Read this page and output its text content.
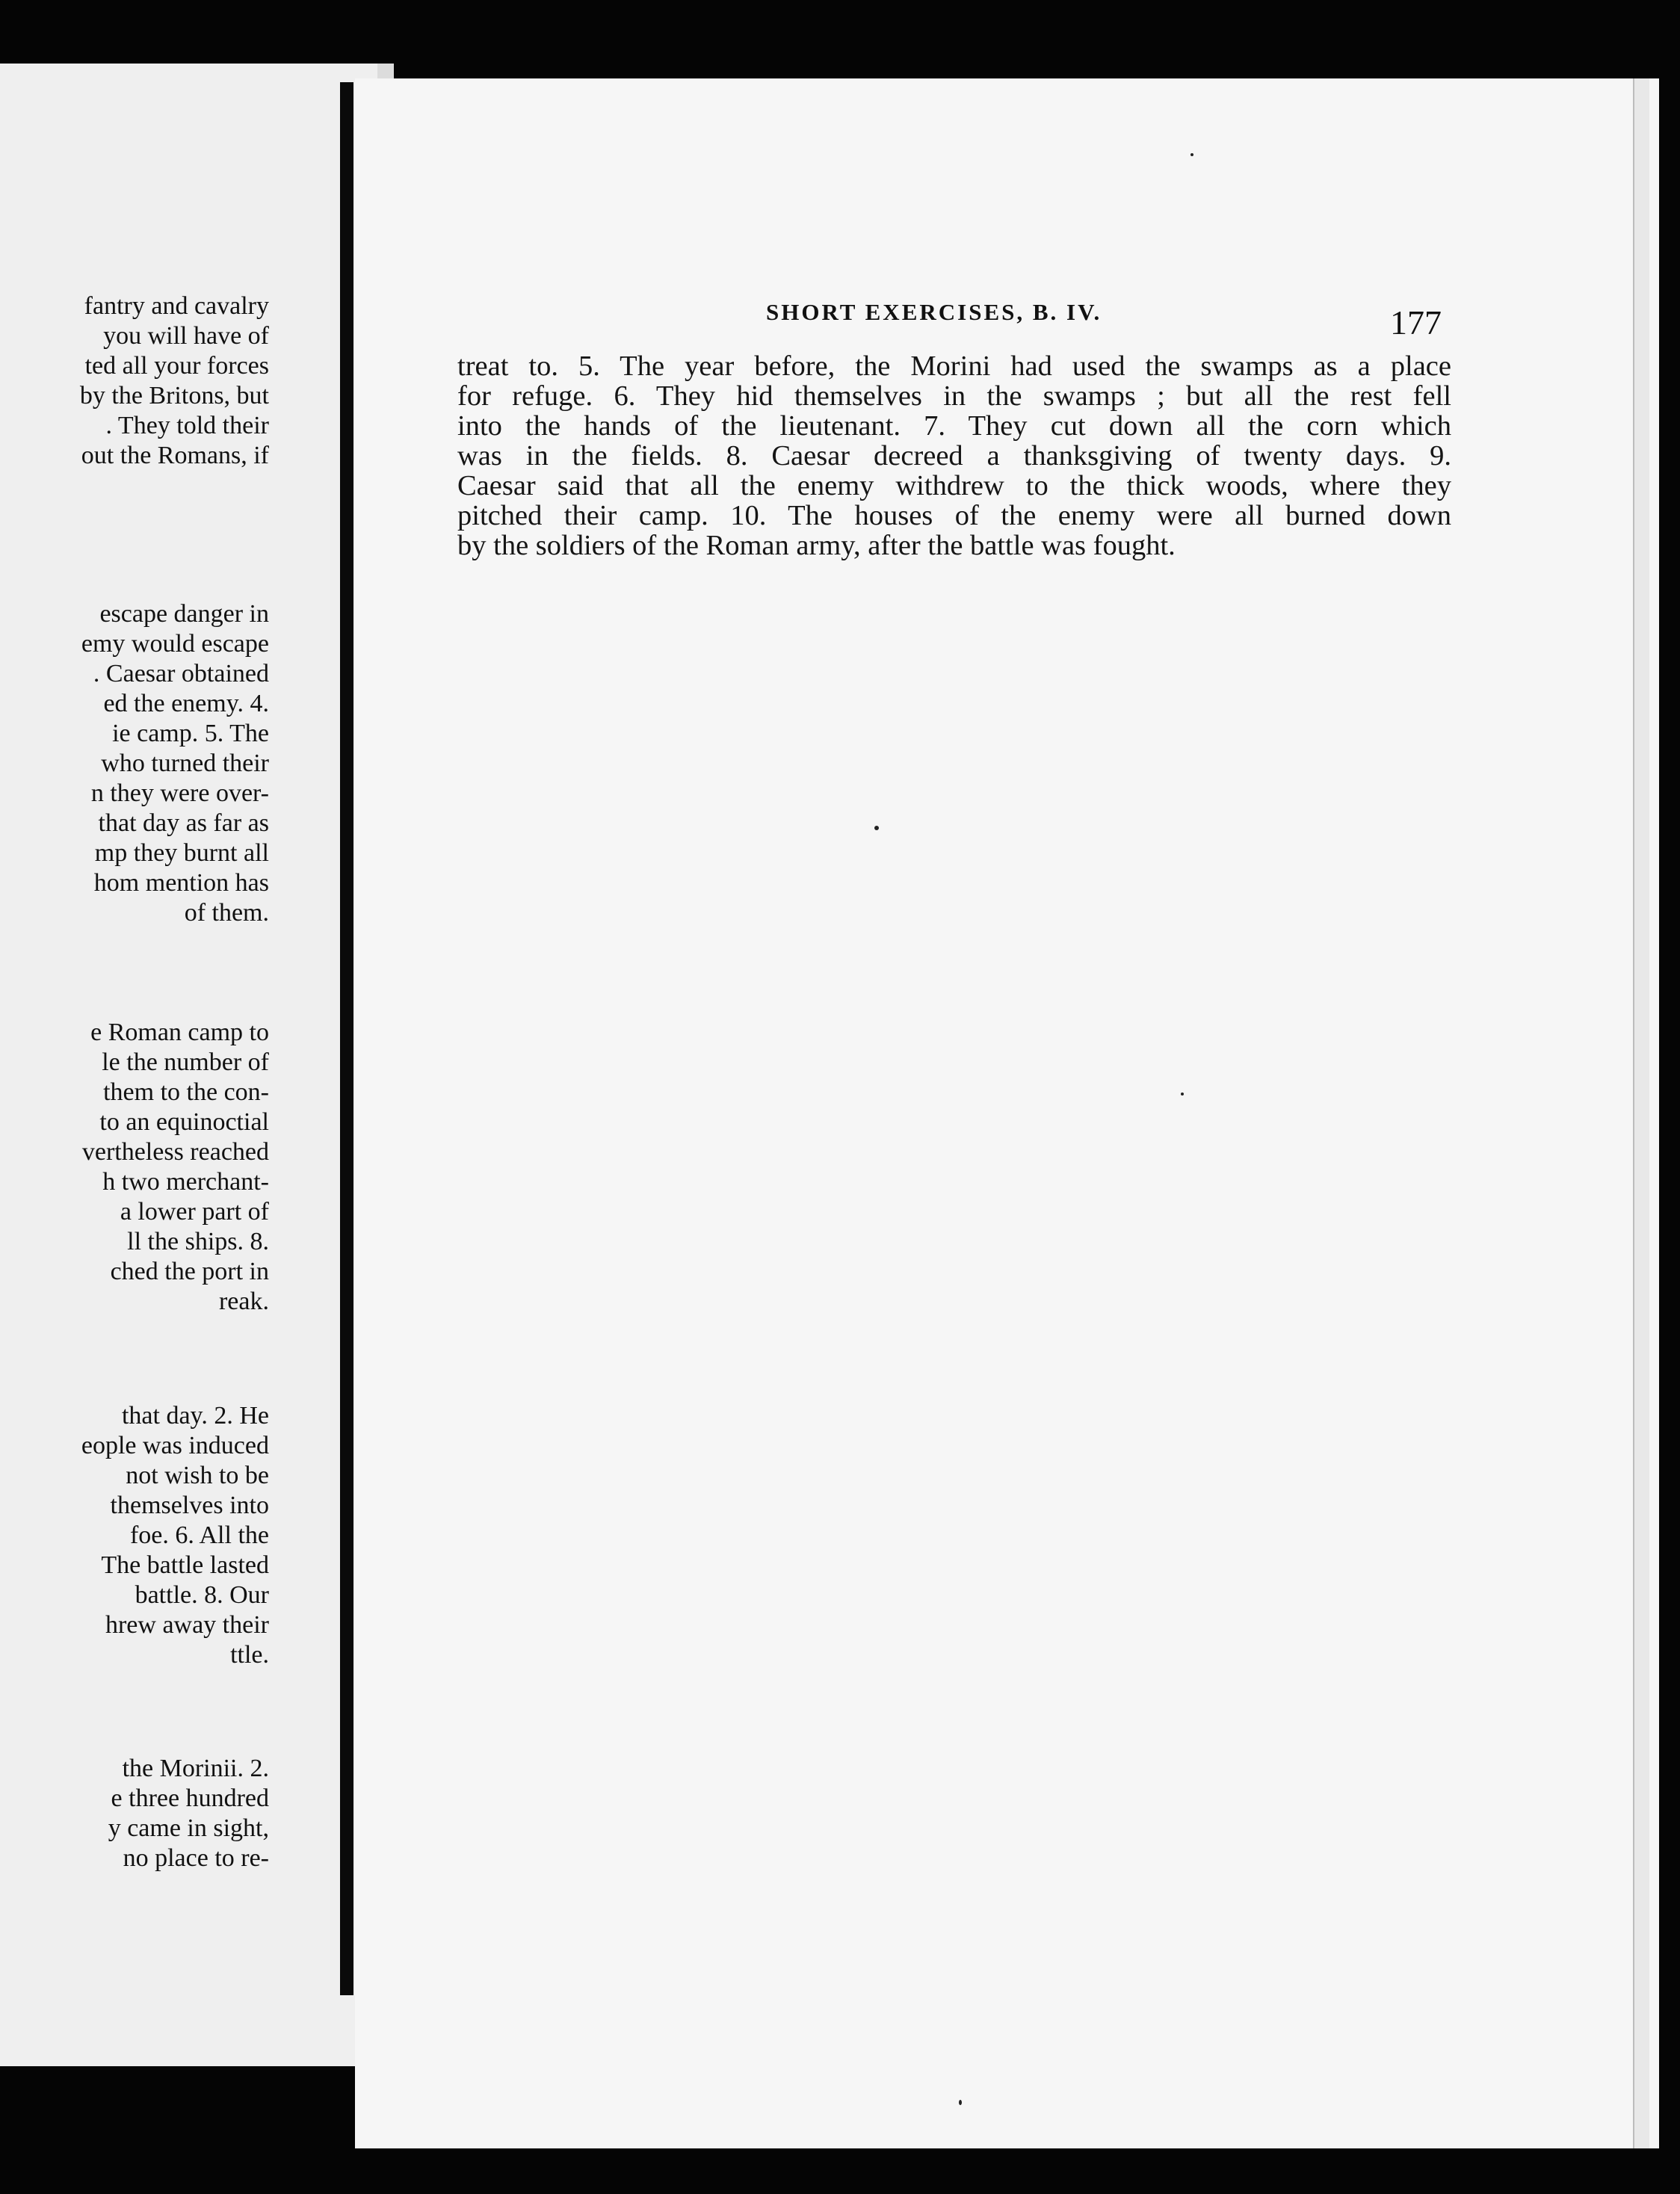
fantry and cavalry
you will have of
ted all your forces
by the Britons, but
. They told their
out the Romans, if
escape danger in
emy would escape
. Caesar obtained
ed the enemy. 4.
ie camp. 5. The
who turned their
n they were over-
that day as far as
mp they burnt all
hom mention has
of them.
e Roman camp to
le the number of
them to the con-
to an equinoctial
vertheless reached
h two merchant-
a lower part of
ll the ships. 8.
ched the port in
reak.
that day. 2. He
eople was induced
not wish to be
themselves into
foe. 6. All the
The battle lasted
battle. 8. Our
hrew away their
ttle.
the Morinii. 2.
e three hundred
y came in sight,
no place to re-
SHORT EXERCISES, B. IV.	177
treat to. 5. The year before, the Morini had used the swamps as a place
for refuge. 6. They hid themselves in the swamps ; but all the rest fell
into the hands of the lieutenant. 7. They cut down all the corn which
was in the fields. 8. Caesar decreed a thanksgiving of twenty days. 9.
Caesar said that all the enemy withdrew to the thick woods, where they
pitched their camp. 10. The houses of the enemy were all burned down
by the soldiers of the Roman army, after the battle was fought.
